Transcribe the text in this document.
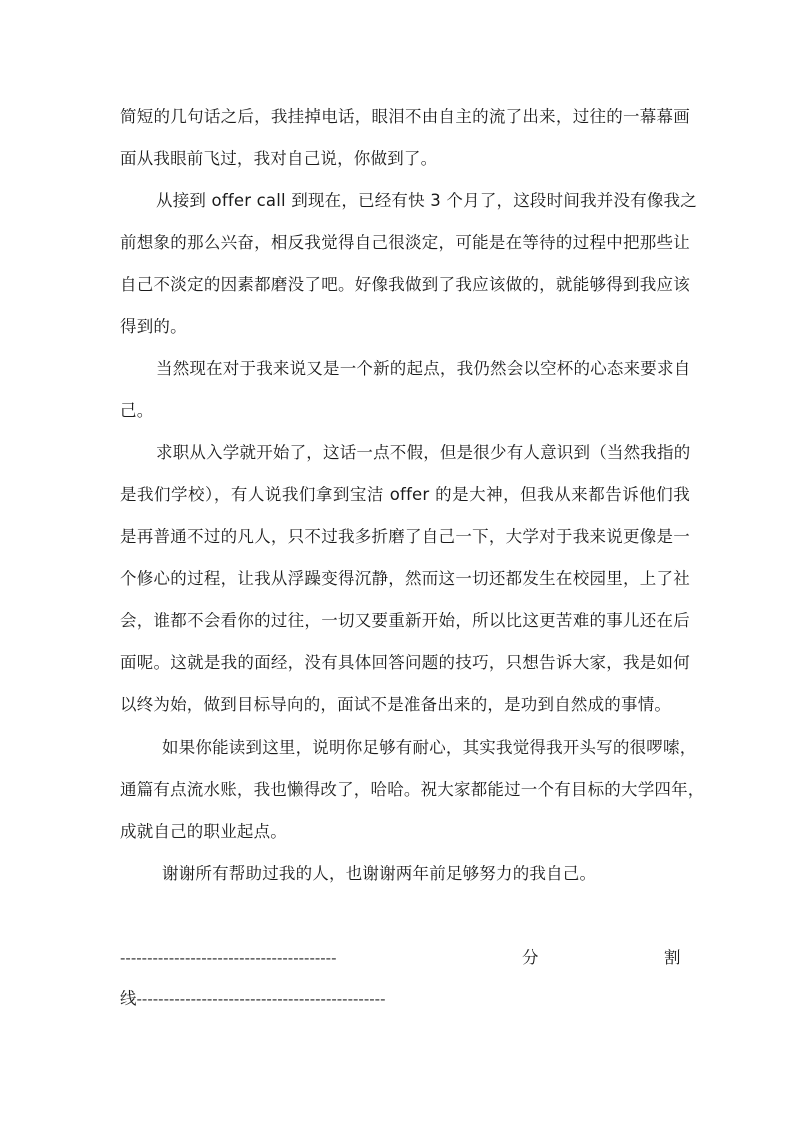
简短的几句话之后，我挂掉电话，眼泪不由自主的流了出来，过往的一幕幕画
面从我眼前飞过，我对自己说，你做到了。
从接到 offer call 到现在，已经有快 3 个月了，这段时间我并没有像我之
前想象的那么兴奋，相反我觉得自己很淡定，可能是在等待的过程中把那些让
自己不淡定的因素都磨没了吧。好像我做到了我应该做的，就能够得到我应该
得到的。
当然现在对于我来说又是一个新的起点，我仍然会以空杯的心态来要求自
己。
求职从入学就开始了，这话一点不假，但是很少有人意识到（当然我指的
是我们学校），有人说我们拿到宝洁 offer 的是大神，但我从来都告诉他们我
是再普通不过的凡人，只不过我多折磨了自己一下，大学对于我来说更像是一
个修心的过程，让我从浮躁变得沉静，然而这一切还都发生在校园里，上了社
会，谁都不会看你的过往，一切又要重新开始，所以比这更苦难的事儿还在后
面呢。这就是我的面经，没有具体回答问题的技巧，只想告诉大家，我是如何
以终为始，做到目标导向的，面试不是准备出来的，是功到自然成的事情。
如果你能读到这里，说明你足够有耐心，其实我觉得我开头写的很啰嗦，
通篇有点流水账，我也懒得改了，哈哈。祝大家都能过一个有目标的大学四年，
成就自己的职业起点。
谢谢所有帮助过我的人，也谢谢两年前足够努力的我自己。
----------------------------------------	分	割
线----------------------------------------------
